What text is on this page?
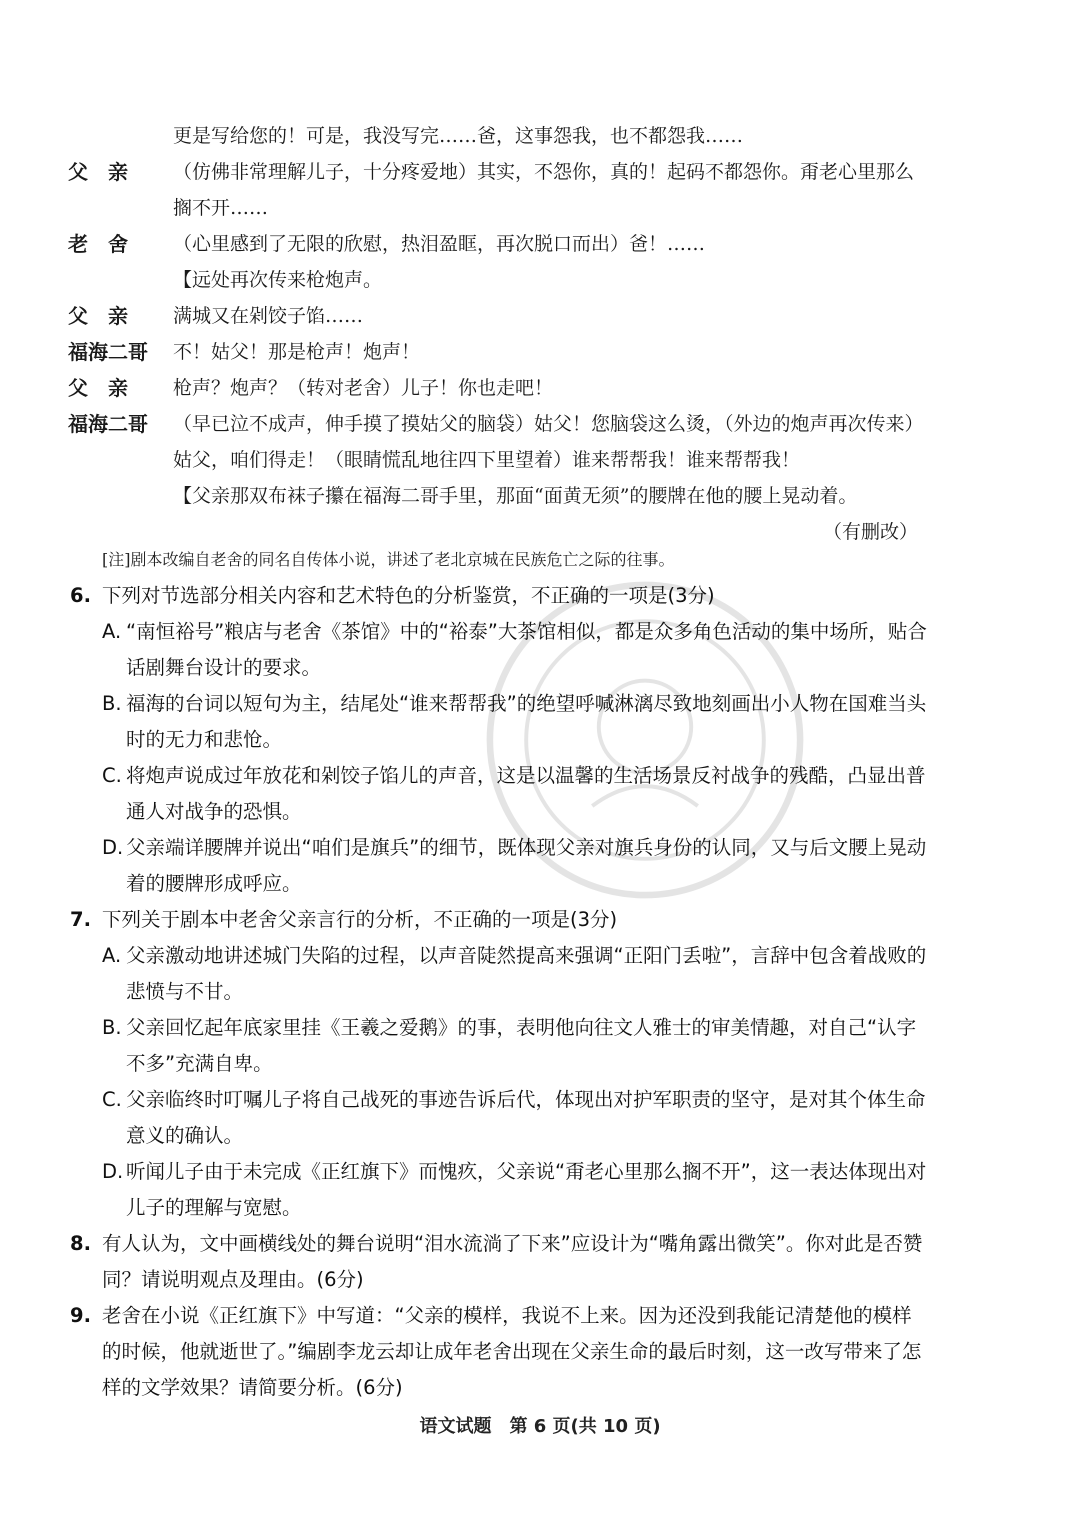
更是写给您的！可是，我没写完……爸，这事怨我，也不都怨我……
父　亲 （仿佛非常理解儿子，十分疼爱地）其实，不怨你，真的！起码不都怨你。甭老心里那么搁不开……
老　舍	（心里感到了无限的欣慰，热泪盈眶，再次脱口而出）爸！……
【远处再次传来枪炮声。
父　亲	满城又在剁饺子馅……
福海二哥	不！姑父！那是枪声！炮声！
父　亲	枪声？炮声？（转对老舍）儿子！你也走吧！
福海二哥	（早已泣不成声，伸手摸了摸姑父的脑袋）姑父！您脑袋这么烫，（外边的炮声再次传来）姑父，咱们得走！（眼睛慌乱地往四下里望着）谁来帮帮我！谁来帮帮我！
【父亲那双布袜子攥在福海二哥手里，那面“面黄无须”的腰牌在他的腰上晃动着。
（有删改）
[注]剧本改编自老舍的同名自传体小说，讲述了老北京城在民族危亡之际的往事。
6. 下列对节选部分相关内容和艺术特色的分析鉴赏，不正确的一项是(3分)
A. “南恒裕号”粮店与老舍《茶馆》中的“裕泰”大茶馆相似，都是众多角色活动的集中场所，贴合话剧舞台设计的要求。
B. 福海的台词以短句为主，结尾处“谁来帮帮我”的绝望呼喊淋漓尽致地刻画出小人物在国难当头时的无力和悲怆。
C. 将炮声说成过年放花和剁饺子馅儿的声音，这是以温馨的生活场景反衬战争的残酷，凸显出普通人对战争的恐惧。
D. 父亲端详腰牌并说出“咱们是旗兵”的细节，既体现父亲对旗兵身份的认同，又与后文腰上晃动着的腰牌形成呼应。
7. 下列关于剧本中老舍父亲言行的分析，不正确的一项是(3分)
A. 父亲激动地讲述城门失陷的过程，以声音陡然提高来强调“正阳门丢啦”，言辞中包含着战败的悲愤与不甘。
B. 父亲回忆起年底家里挂《王羲之爱鹅》的事，表明他向往文人雅士的审美情趣，对自己“认字不多”充满自卑。
C. 父亲临终时叮嘱儿子将自己战死的事迹告诉后代，体现出对护军职责的坚守，是对其个体生命意义的确认。
D. 听闻儿子由于未完成《正红旗下》而愧疚，父亲说“甭老心里那么搁不开”，这一表达体现出对儿子的理解与宽慰。
8. 有人认为，文中画横线处的舞台说明“泪水流淌了下来”应设计为“嘴角露出微笑”。你对此是否赞同？请说明观点及理由。(6分)
9. 老舍在小说《正红旗下》中写道：“父亲的模样，我说不上来。因为还没到我能记清楚他的模样的时候，他就逝世了。”编剧李龙云却让成年老舍出现在父亲生命的最后时刻，这一改写带来了怎样的文学效果？请简要分析。(6分)
语文试题　第 6 页(共 10 页)
